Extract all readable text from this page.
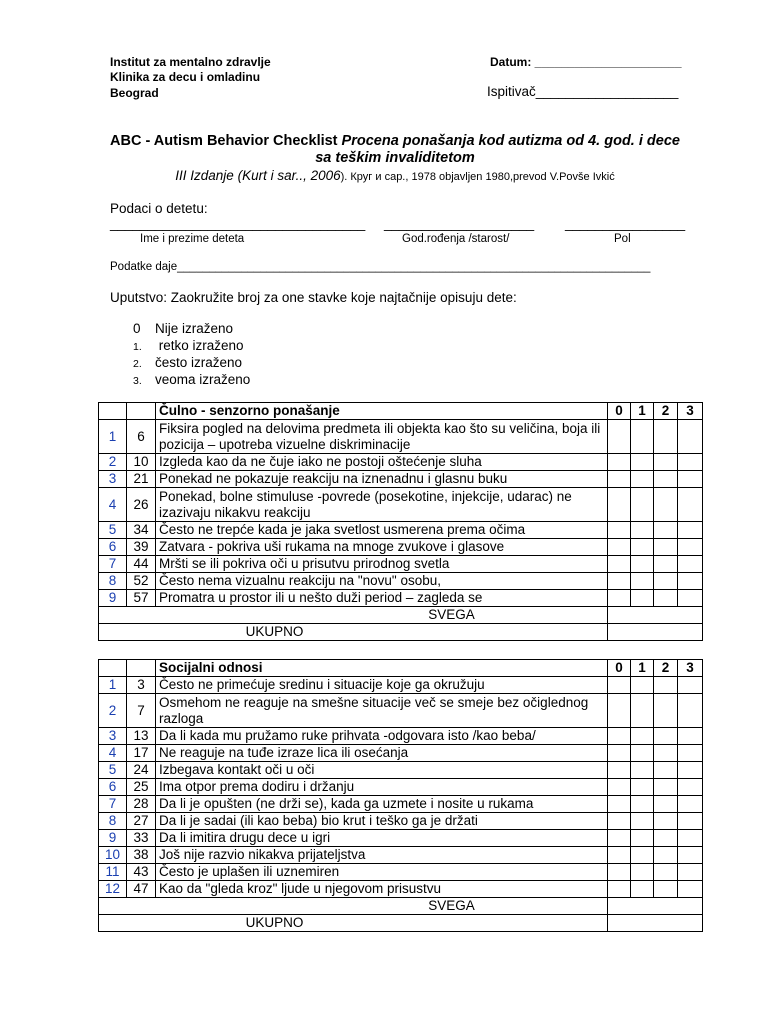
Institut za mentalno zdravlje
Klinika za decu i omladinu
Beograd
Datum: ______________________
Ispitivač___________________
ABC - Autism Behavior Checklist Procena ponašanja kod autizma od 4. god. i dece sa teškim invaliditetom
III Izdanje (Kurt i sar.., 2006). Круг и сар., 1978 objavljen 1980,prevod V.Povše Ivkić
Podaci o detetu:
__________________________________ ____________________ ________________
Ime i prezime deteta	God.rođenja /starost/	Pol
Podatke daje__________________________________________________________________________
Uputstvo: Zaokružite broj za one stavke koje najtačnije opisuju dete:
0 Nije izraženo
1. retko izraženo
2. često izraženo
3. veoma izraženo
		Čulno - senzorno ponašanje	0	1	2	3
1	6	Fiksira pogled na delovima predmeta ili objekta kao što su veličina, boja ili pozicija – upotreba vizuelne diskriminacije				
2	10	Izgleda kao da ne čuje iako ne postoji oštećenje sluha				
3	21	Ponekad ne pokazuje reakciju na iznenadnu i glasnu buku				
4	26	Ponekad, bolne stimuluse -povrede (posekotine, injekcije, udarac) ne izazivaju nikakvu reakciju				
5	34	Često ne trepće kada je jaka svetlost usmerena prema očima				
6	39	Zatvara - pokriva uši rukama na mnoge zvukove i glasove				
7	44	Mršti se ili pokriva oči u prisutvu prirodnog svetla				
8	52	Često nema vizualnu reakciju na "novu" osobu,				
9	57	Promatra u prostor ili u nešto duži period – zagleda se				
SVEGA						
UKUPNO						
		Socijalni odnosi	0	1	2	3
1	3	Često ne primećuje sredinu i situacije koje ga okružuju				
2	7	Osmehom ne reaguje na smešne situacije več se smeje bez očiglednog razloga				
3	13	Da li kada mu pružamo ruke prihvata -odgovara isto /kao beba/				
4	17	Ne reaguje na tuđe izraze lica ili osećanja				
5	24	Izbegava kontakt oči u oči				
6	25	Ima otpor prema dodiru i držanju				
7	28	Da li je opušten (ne drži se), kada ga uzmete i nosite u rukama				
8	27	Da li je sadai (ili kao beba) bio krut i teško ga je držati				
9	33	Da li imitira drugu dece u igri				
10	38	Još nije razvio nikakva prijateljstva				
11	43	Često je uplašen ili uznemiren				
12	47	Kao da "gleda kroz" ljude u njegovom prisustvu				
SVEGA						
UKUPNO						
